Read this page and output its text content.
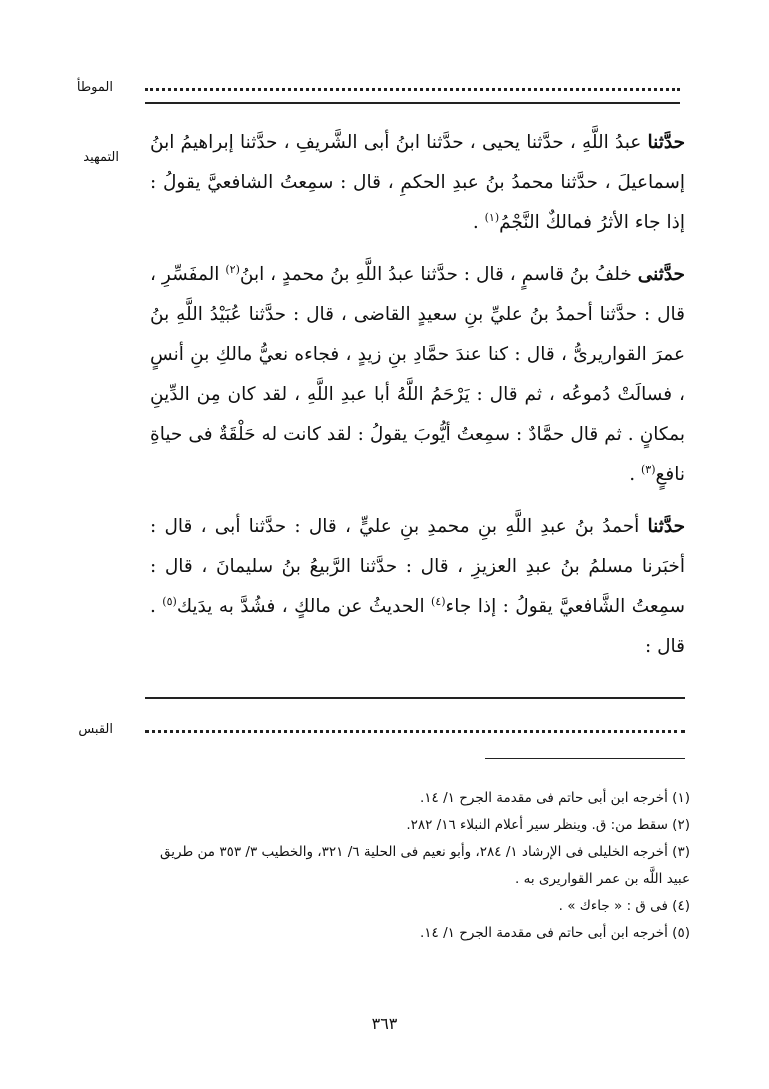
الموطأ
التمهيد

حدَّثنا عبدُ اللَّهِ ، حدَّثنا يحيى ، حدَّثنا ابنُ أبى الشَّريفِ ، حدَّثنا إبراهيمُ ابنُ إسماعيلَ ، حدَّثنا محمدُ بنُ عبدِ الحكمِ ، قال : سمِعتُ الشافعيَّ يقولُ : إذا جاء الأثرُ فمالكٌ النَّجْمُ$^{(١)}$ .

حدَّثنى خلفُ بنُ قاسمٍ ، قال : حدَّثنا عبدُ اللَّهِ بنُ محمدٍ ، ابنُ$^{(٢)}$ المفَسِّرِ ، قال : حدَّثنا أحمدُ بنُ عليِّ بنِ سعيدٍ القاضى ، قال : حدَّثنا عُبَيْدُ اللَّهِ بنُ عمرَ القواريرىُّ ، قال : كنا عندَ حمَّادِ بنِ زيدٍ ، فجاءه نعيُّ مالكِ بنِ أنسٍ ، فسالَتْ دُموعُه ، ثم قال : يَرْحَمُ اللَّهُ أبا عبدِ اللَّهِ ، لقد كان مِن الدِّينِ بمكانٍ . ثم قال حمَّادٌ : سمِعتُ أيُّوبَ يقولُ : لقد كانت له حَلْقَةٌ فى حياةِ نافعٍ$^{(٣)}$ .

حدَّثنا أحمدُ بنُ عبدِ اللَّهِ بنِ محمدِ بنِ عليٍّ ، قال : حدَّثنا أبى ، قال : أخبَرنا مسلمُ بنُ عبدِ العزيزِ ، قال : حدَّثنا الرَّبيعُ بنُ سليمانَ ، قال : سمِعتُ الشَّافعيَّ يقولُ : إذا جاء$^{(٤)}$ الحديثُ عن مالكٍ ، فشُدَّ به يدَيك$^{(٥)}$ . قال :

القبس

(١) أخرجه ابن أبى حاتم فى مقدمة الجرح ١/ ١٤.

(٢) سقط من: ق. وينظر سير أعلام النبلاء ١٦/ ٢٨٢.

(٣) أخرجه الخليلى فى الإرشاد ١/ ٢٨٤، وأبو نعيم فى الحلية ٦/ ٣٢١، والخطيب ٣/ ٣٥٣ من طريق عبيد اللَّه بن عمر القواريرى به .

(٤) فى ق : « جاءك » .

(٥) أخرجه ابن أبى حاتم فى مقدمة الجرح ١/ ١٤.

٣٦٣
